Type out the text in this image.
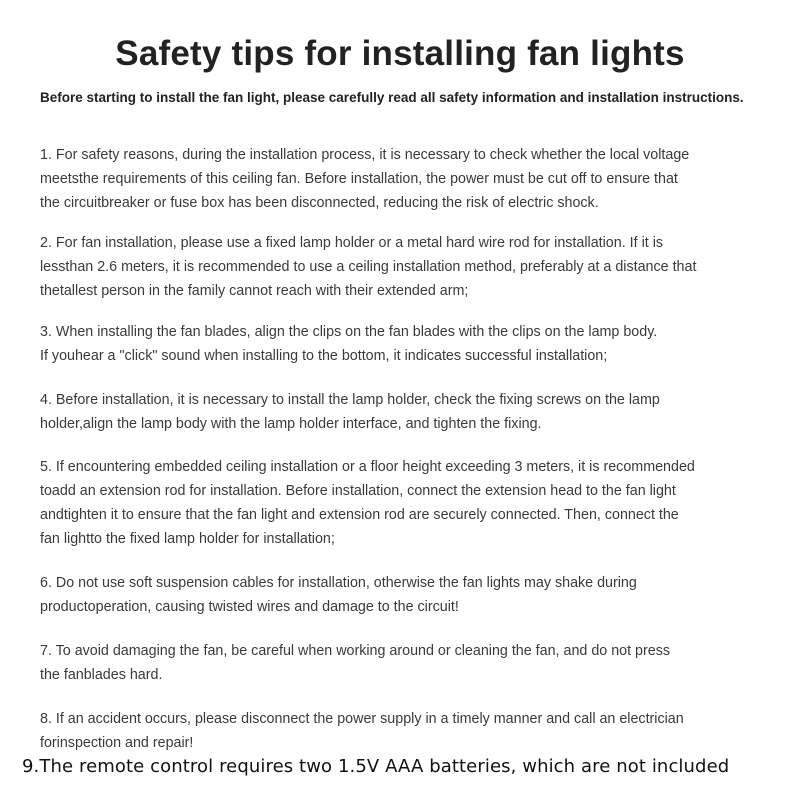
Safety tips for installing fan lights
Before starting to install the fan light, please carefully read all safety information and installation instructions.
1. For safety reasons, during the installation process, it is necessary to check whether the local voltage
meetsthe requirements of this ceiling fan. Before installation, the power must be cut off to ensure that
the circuitbreaker or fuse box has been disconnected, reducing the risk of electric shock.
2. For fan installation, please use a fixed lamp holder or a metal hard wire rod for installation. If it is
lessthan 2.6 meters, it is recommended to use a ceiling installation method, preferably at a distance that
thetallest person in the family cannot reach with their extended arm;
3. When installing the fan blades, align the clips on the fan blades with the clips on the lamp body.
If youhear a "click" sound when installing to the bottom, it indicates successful installation;
4. Before installation, it is necessary to install the lamp holder, check the fixing screws on the lamp
holder,align the lamp body with the lamp holder interface, and tighten the fixing.
5. If encountering embedded ceiling installation or a floor height exceeding 3 meters, it is recommended
toadd an extension rod for installation. Before installation, connect the extension head to the fan light
andtighten it to ensure that the fan light and extension rod are securely connected. Then, connect the
fan lightto the fixed lamp holder for installation;
6. Do not use soft suspension cables for installation, otherwise the fan lights may shake during
productoperation, causing twisted wires and damage to the circuit!
7. To avoid damaging the fan, be careful when working around or cleaning the fan, and do not press
the fanblades hard.
8. If an accident occurs, please disconnect the power supply in a timely manner and call an electrician
forinspection and repair!
9.The remote control requires two 1.5V AAA batteries, which are not included
